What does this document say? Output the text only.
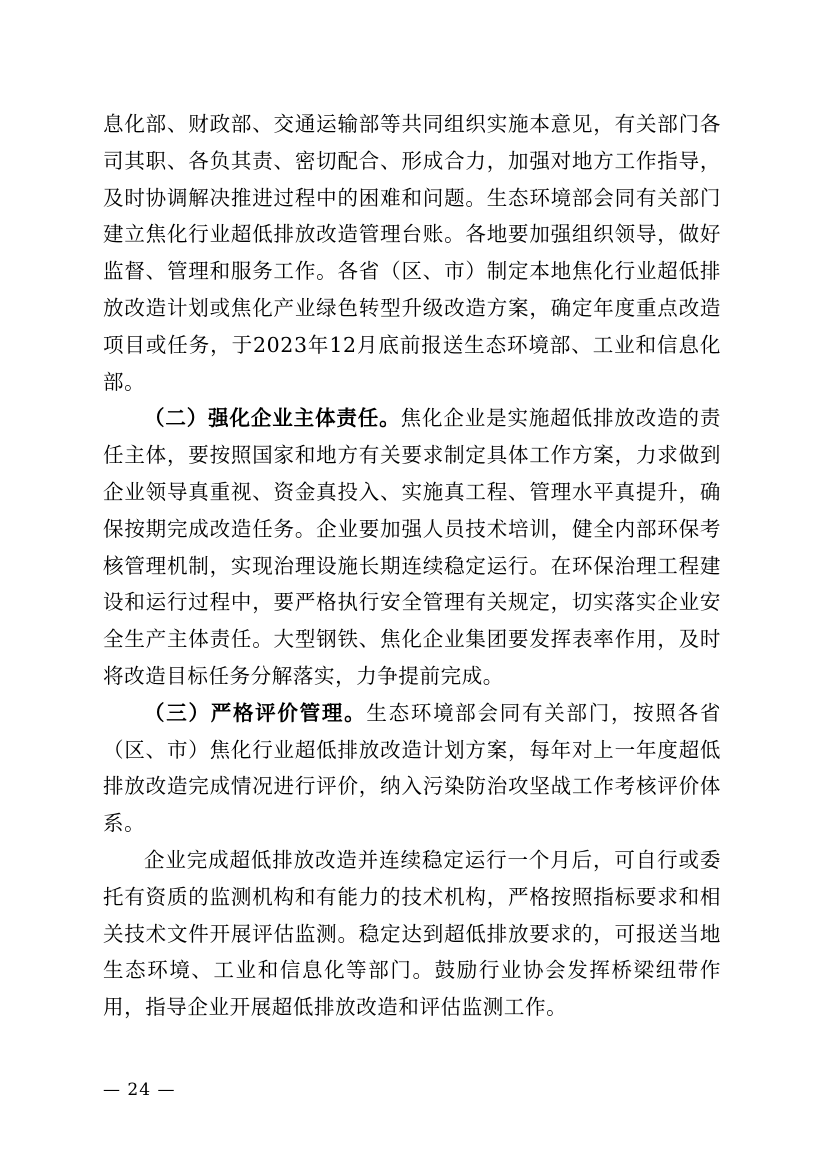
息化部、财政部、交通运输部等共同组织实施本意见，有关部门各司其职、各负其责、密切配合、形成合力，加强对地方工作指导，及时协调解决推进过程中的困难和问题。生态环境部会同有关部门建立焦化行业超低排放改造管理台账。各地要加强组织领导，做好监督、管理和服务工作。各省（区、市）制定本地焦化行业超低排放改造计划或焦化产业绿色转型升级改造方案，确定年度重点改造项目或任务，于2023年12月底前报送生态环境部、工业和信息化部。

（二）强化企业主体责任。焦化企业是实施超低排放改造的责任主体，要按照国家和地方有关要求制定具体工作方案，力求做到企业领导真重视、资金真投入、实施真工程、管理水平真提升，确保按期完成改造任务。企业要加强人员技术培训，健全内部环保考核管理机制，实现治理设施长期连续稳定运行。在环保治理工程建设和运行过程中，要严格执行安全管理有关规定，切实落实企业安全生产主体责任。大型钢铁、焦化企业集团要发挥表率作用，及时将改造目标任务分解落实，力争提前完成。

（三）严格评价管理。生态环境部会同有关部门，按照各省（区、市）焦化行业超低排放改造计划方案，每年对上一年度超低排放改造完成情况进行评价，纳入污染防治攻坚战工作考核评价体系。

企业完成超低排放改造并连续稳定运行一个月后，可自行或委托有资质的监测机构和有能力的技术机构，严格按照指标要求和相关技术文件开展评估监测。稳定达到超低排放要求的，可报送当地生态环境、工业和信息化等部门。鼓励行业协会发挥桥梁纽带作用，指导企业开展超低排放改造和评估监测工作。

— 24 —
